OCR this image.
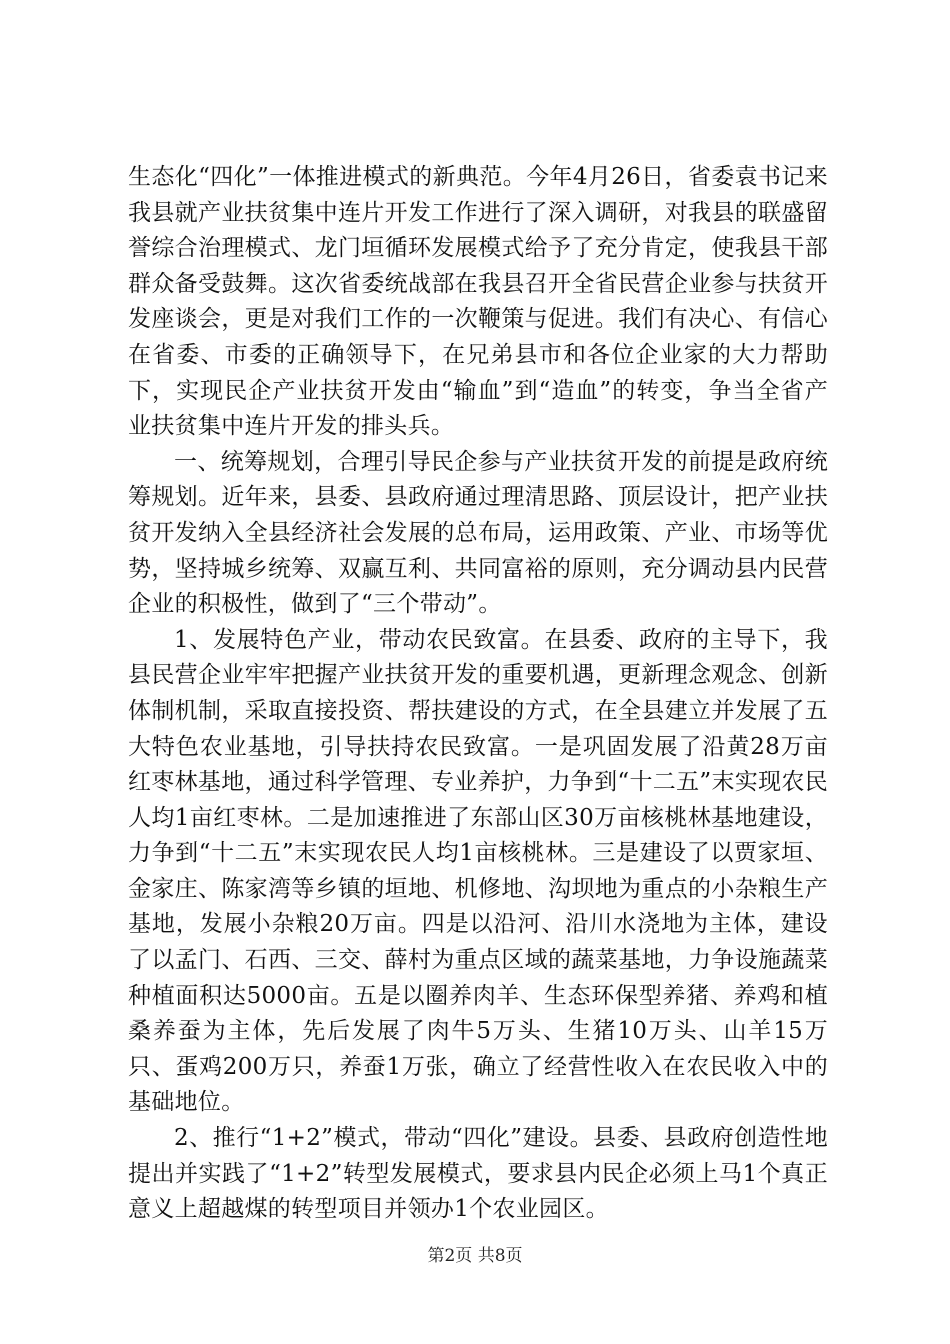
生态化“四化”一体推进模式的新典范。今年4月26日，省委袁书记来我县就产业扶贫集中连片开发工作进行了深入调研，对我县的联盛留誉综合治理模式、龙门垣循环发展模式给予了充分肯定，使我县干部群众备受鼓舞。这次省委统战部在我县召开全省民营企业参与扶贫开发座谈会，更是对我们工作的一次鞭策与促进。我们有决心、有信心在省委、市委的正确领导下，在兄弟县市和各位企业家的大力帮助下，实现民企产业扶贫开发由“输血”到“造血”的转变，争当全省产业扶贫集中连片开发的排头兵。

一、统筹规划，合理引导民企参与产业扶贫开发的前提是政府统筹规划。近年来，县委、县政府通过理清思路、顶层设计，把产业扶贫开发纳入全县经济社会发展的总布局，运用政策、产业、市场等优势，坚持城乡统筹、双赢互利、共同富裕的原则，充分调动县内民营企业的积极性，做到了“三个带动”。

1、发展特色产业，带动农民致富。在县委、政府的主导下，我县民营企业牢牢把握产业扶贫开发的重要机遇，更新理念观念、创新体制机制，采取直接投资、帮扶建设的方式，在全县建立并发展了五大特色农业基地，引导扶持农民致富。一是巩固发展了沿黄28万亩红枣林基地，通过科学管理、专业养护，力争到“十二五”末实现农民人均1亩红枣林。二是加速推进了东部山区30万亩核桃林基地建设，力争到“十二五”末实现农民人均1亩核桃林。三是建设了以贾家垣、金家庄、陈家湾等乡镇的垣地、机修地、沟坝地为重点的小杂粮生产基地，发展小杂粮20万亩。四是以沿河、沿川水浇地为主体，建设了以孟门、石西、三交、薛村为重点区域的蔬菜基地，力争设施蔬菜种植面积达5000亩。五是以圈养肉羊、生态环保型养猪、养鸡和植桑养蚕为主体，先后发展了肉牛5万头、生猪10万头、山羊15万只、蛋鸡200万只，养蚕1万张，确立了经营性收入在农民收入中的基础地位。

2、推行“1+2”模式，带动“四化”建设。县委、县政府创造性地提出并实践了“1+2”转型发展模式，要求县内民企必须上马1个真正意义上超越煤的转型项目并领办1个农业园区。

第2页 共8页
